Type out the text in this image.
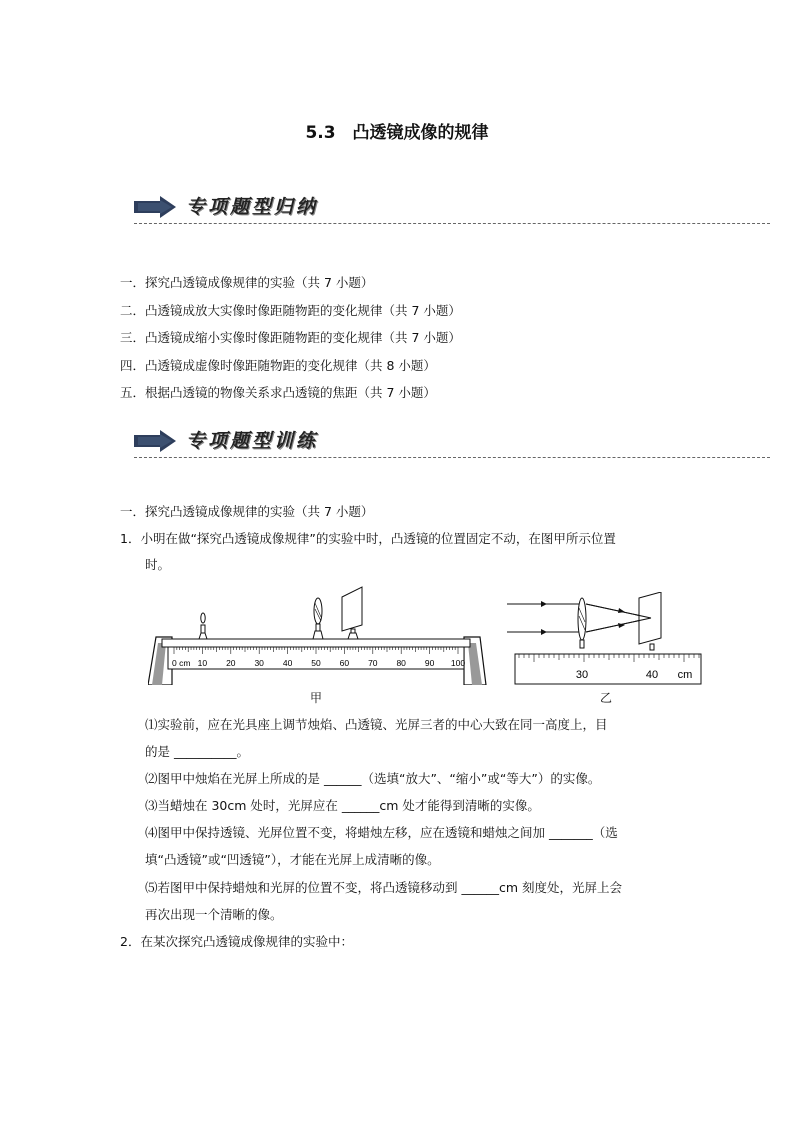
5.3　凸透镜成像的规律
专项题型归纳
一．探究凸透镜成像规律的实验（共 7 小题）
二．凸透镜成放大实像时像距随物距的变化规律（共 7 小题）
三．凸透镜成缩小实像时像距随物距的变化规律（共 7 小题）
四．凸透镜成虚像时像距随物距的变化规律（共 8 小题）
五．根据凸透镜的物像关系求凸透镜的焦距（共 7 小题）
专项题型训练
一．探究凸透镜成像规律的实验（共 7 小题）
1．小明在做“探究凸透镜成像规律”的实验中时，凸透镜的位置固定不动，在图甲所示位置
时。
0 cm 10 20 30 40 50 60 70 80 90 100
甲
30	40 cm
乙
⑴实验前，应在光具座上调节烛焰、凸透镜、光屏三者的中心大致在同一高度上，目
的是 __________。
⑵图甲中烛焰在光屏上所成的是 ______（选填“放大”、“缩小”或“等大”）的实像。
⑶当蜡烛在 30cm 处时，光屏应在 ______cm 处才能得到清晰的实像。
⑷图甲中保持透镜、光屏位置不变，将蜡烛左移，应在透镜和蜡烛之间加 _______（选
填“凸透镜”或“凹透镜”），才能在光屏上成清晰的像。
⑸若图甲中保持蜡烛和光屏的位置不变，将凸透镜移动到 ______cm 刻度处，光屏上会
再次出现一个清晰的像。
2．在某次探究凸透镜成像规律的实验中：
